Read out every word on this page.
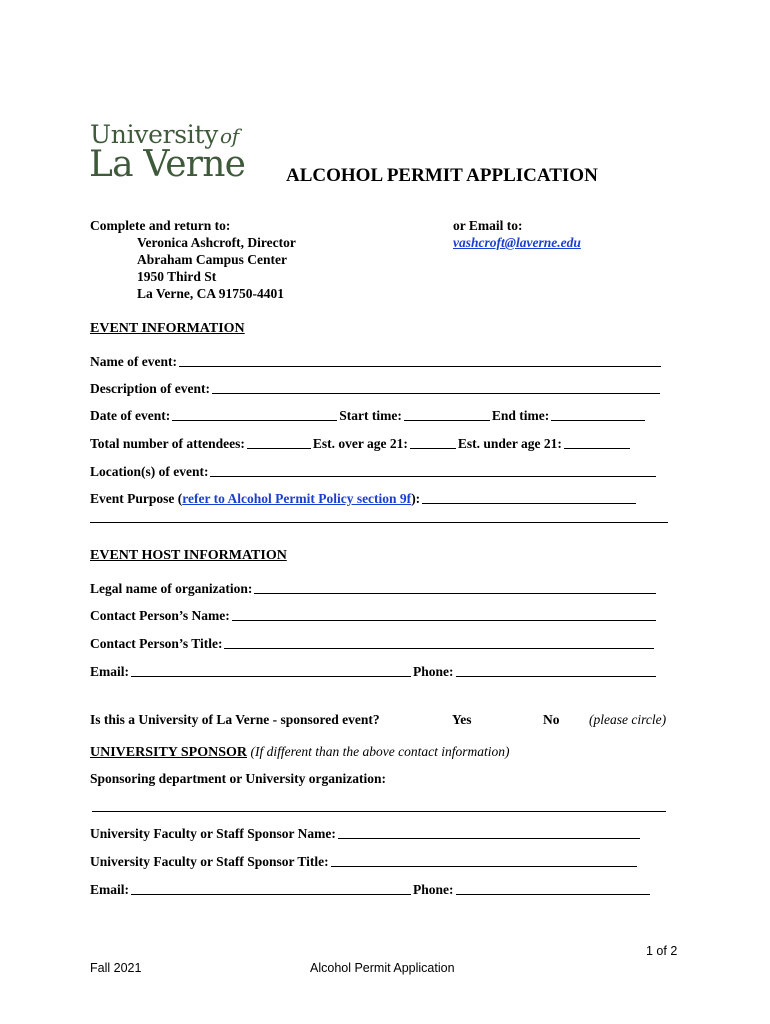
University of
La Verne ALCOHOL PERMIT APPLICATION
Complete and return to:
Veronica Ashcroft, Director
Abraham Campus Center
1950 Third St
La Verne, CA 91750-4401
or Email to:
vashcroft@laverne.edu
EVENT INFORMATION
Name of event:
Description of event:
Date of event:	Start time:	End time:
Total number of attendees:	Est. over age 21:	Est. under age 21:
Location(s) of event:
Event Purpose ( refer to Alcohol Permit Policy section 9f ):
EVENT HOST INFORMATION
Legal name of organization:
Contact Person’s Name:
Contact Person’s Title:
Email:	Phone:
Is this a University of La Verne - sponsored event?	Yes	No (please circle)
UNIVERSITY SPONSOR (If different than the above contact information)
Sponsoring department or University organization:
University Faculty or Staff Sponsor Name:
University Faculty or Staff Sponsor Title:
Email:	Phone:
1 of 2
Fall 2021	Alcohol Permit Application
